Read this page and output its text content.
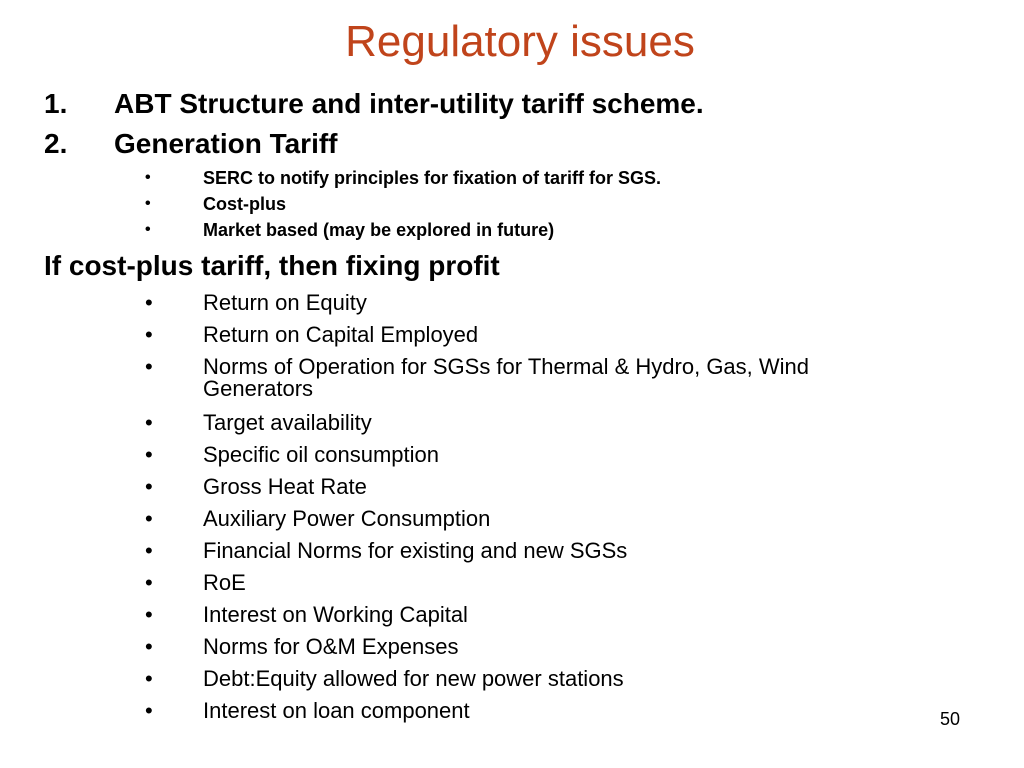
Regulatory issues
1. ABT Structure and inter-utility tariff scheme.
2. Generation Tariff
•	SERC to notify principles for fixation of tariff for SGS.
•	Cost-plus
•	Market based (may be explored in future)
If cost-plus tariff, then fixing profit
• Return on Equity
• Return on Capital Employed
• Norms of Operation for SGSs for Thermal & Hydro, Gas, Wind Generators
• Target availability
• Specific oil consumption
• Gross Heat Rate
• Auxiliary Power Consumption
• Financial Norms for existing and new SGSs
• RoE
• Interest on Working Capital
• Norms for O&M Expenses
• Debt:Equity allowed for new power stations
• Interest on loan component	50
